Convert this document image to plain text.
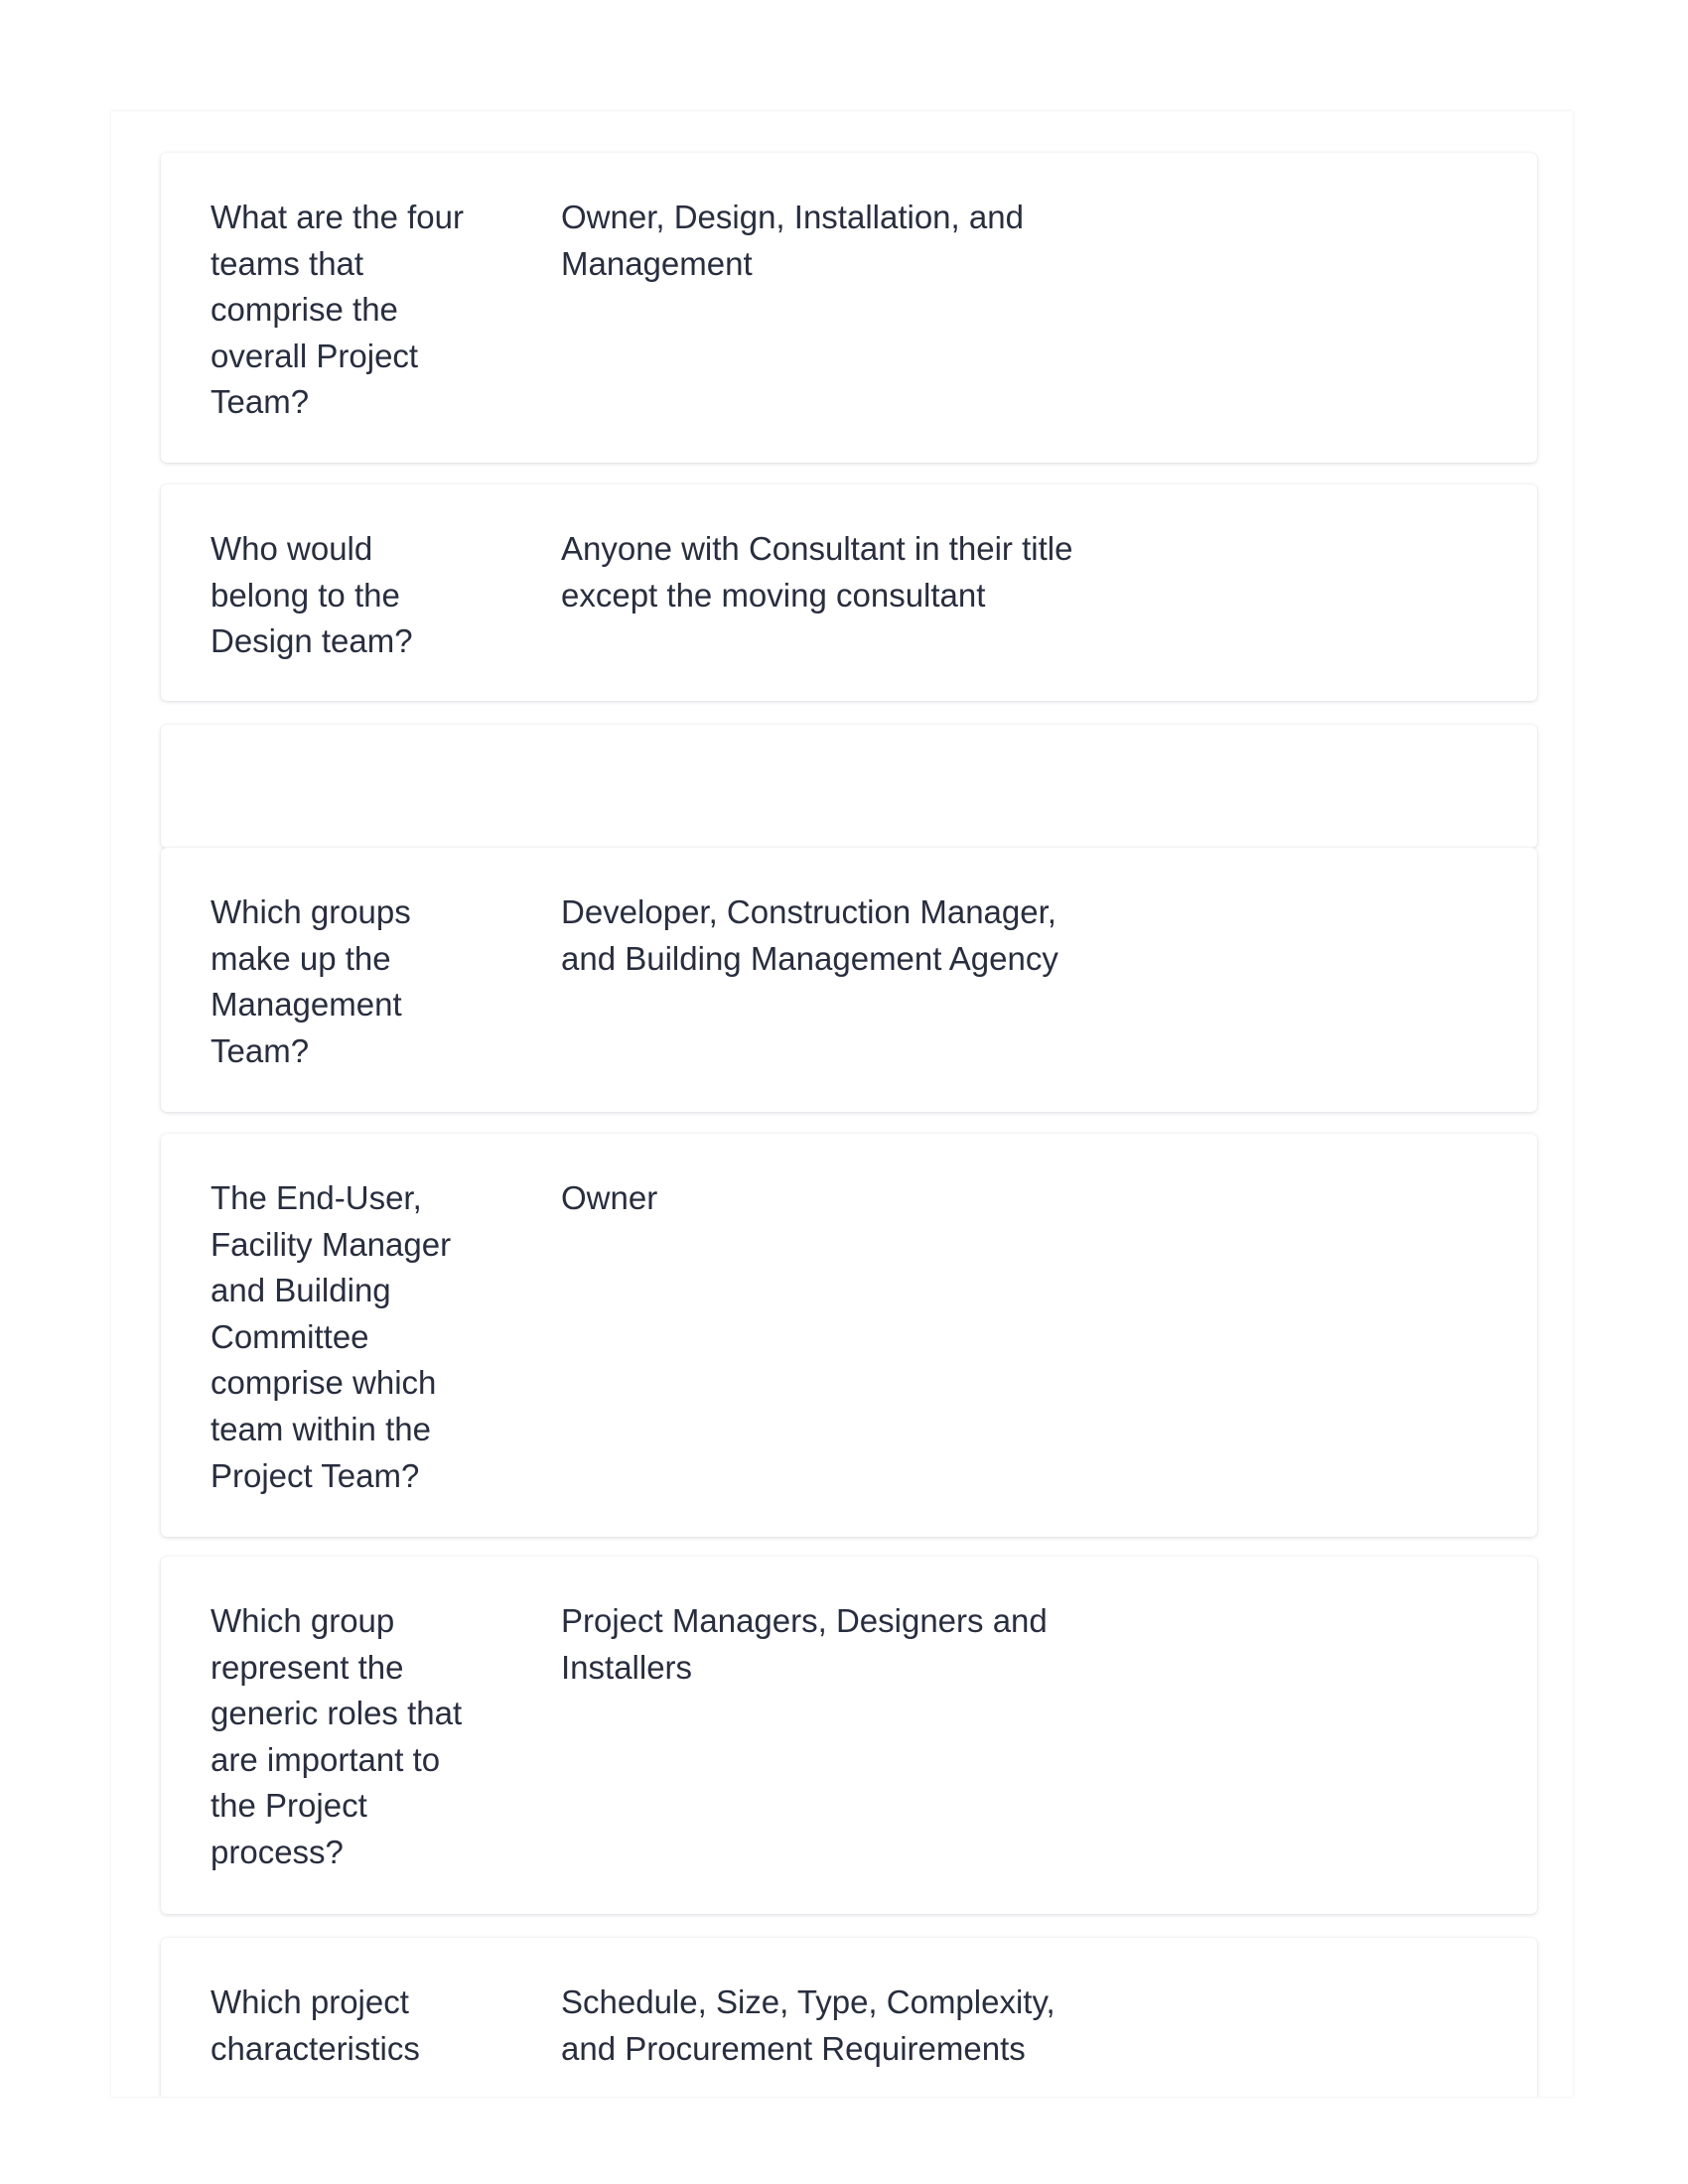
What are the four teams that comprise the overall Project Team?
Owner, Design, Installation, and Management
Who would belong to the Design team?
Anyone with Consultant in their title except the moving consultant
Which groups make up the Management Team?
Developer, Construction Manager, and Building Management Agency
The End-User, Facility Manager and Building Committee comprise which team within the Project Team?
Owner
Which group represent the generic roles that are important to the Project process?
Project Managers, Designers and Installers
Which project characteristics
Schedule, Size, Type, Complexity, and Procurement Requirements
